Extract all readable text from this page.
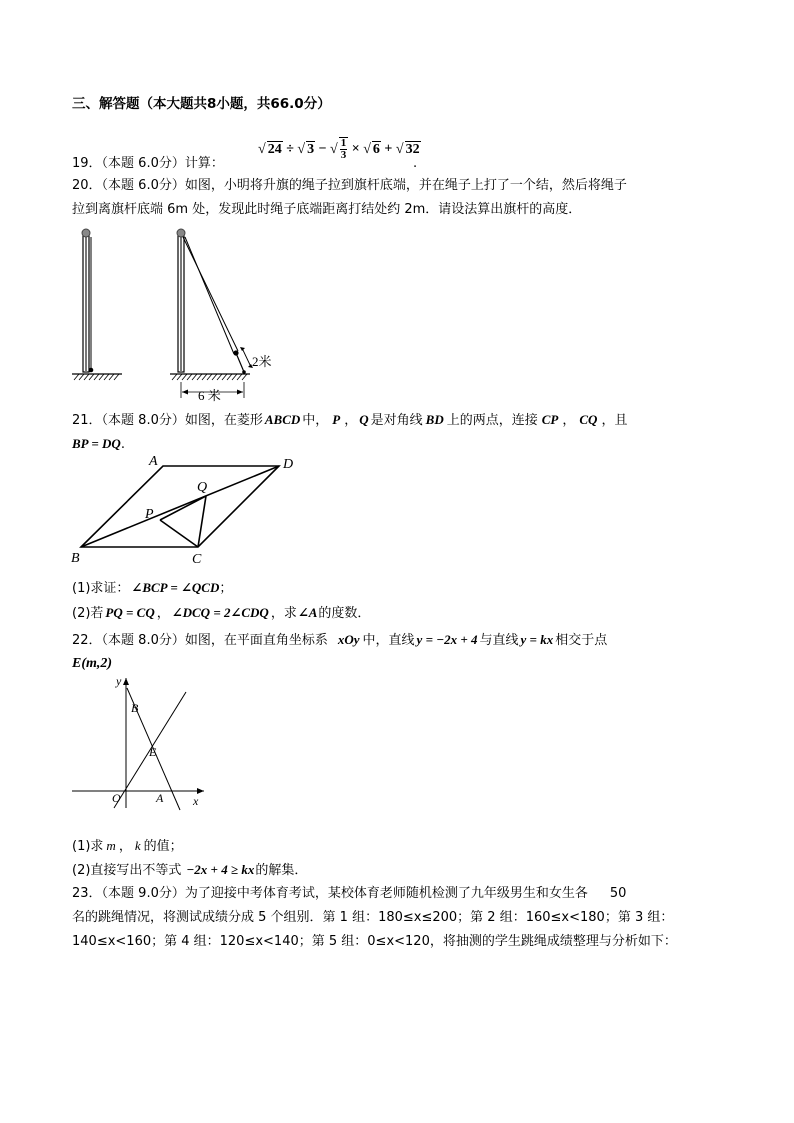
三、解答题（本大题共8小题，共66.0分）
√ 24 ÷ √ 3 − √ $\frac{1}{3}$ × √ 6 + √ 32
19．（本题 6.0分）计算：	.
20．（本题 6.0分）如图，小明将升旗的绳子拉到旗杆底端，并在绳子上打了一个结，然后将绳子
拉到离旗杆底端 6m 处，发现此时绳子底端距离打结处约 2m．请设法算出旗杆的高度．
2米
6 米
21．（本题 8.0分）如图，在菱形 ABCD 中， P ， Q 是对角线 BD 上的两点，连接 CP ， CQ ，且
BP = DQ.
A	D
B	C
P
Q
(1)求证： ∠BCP = ∠QCD；
(2)若 PQ = CQ ， ∠DCQ = 2∠CDQ ，求∠A的度数．
22．（本题 8.0分）如图，在平面直角坐标系 xOy 中，直线 y = −2x + 4 与直线 y = kx 相交于点
E(m,2)
y
x
B
E
O	A
(1)求 m ， k 的值；
(2)直接写出不等式 −2x + 4 ≥ kx的解集．
23．（本题 9.0分）为了迎接中考体育考试，某校体育老师随机检测了九年级男生和女生各 50
名的跳绳情况，将测试成绩分成 5 个组别．第 1 组：180≤x≤200；第 2 组：160≤x<180；第 3 组：
140≤x<160；第 4 组：120≤x<140；第 5 组：0≤x<120，将抽测的学生跳绳成绩整理与分析如下：
